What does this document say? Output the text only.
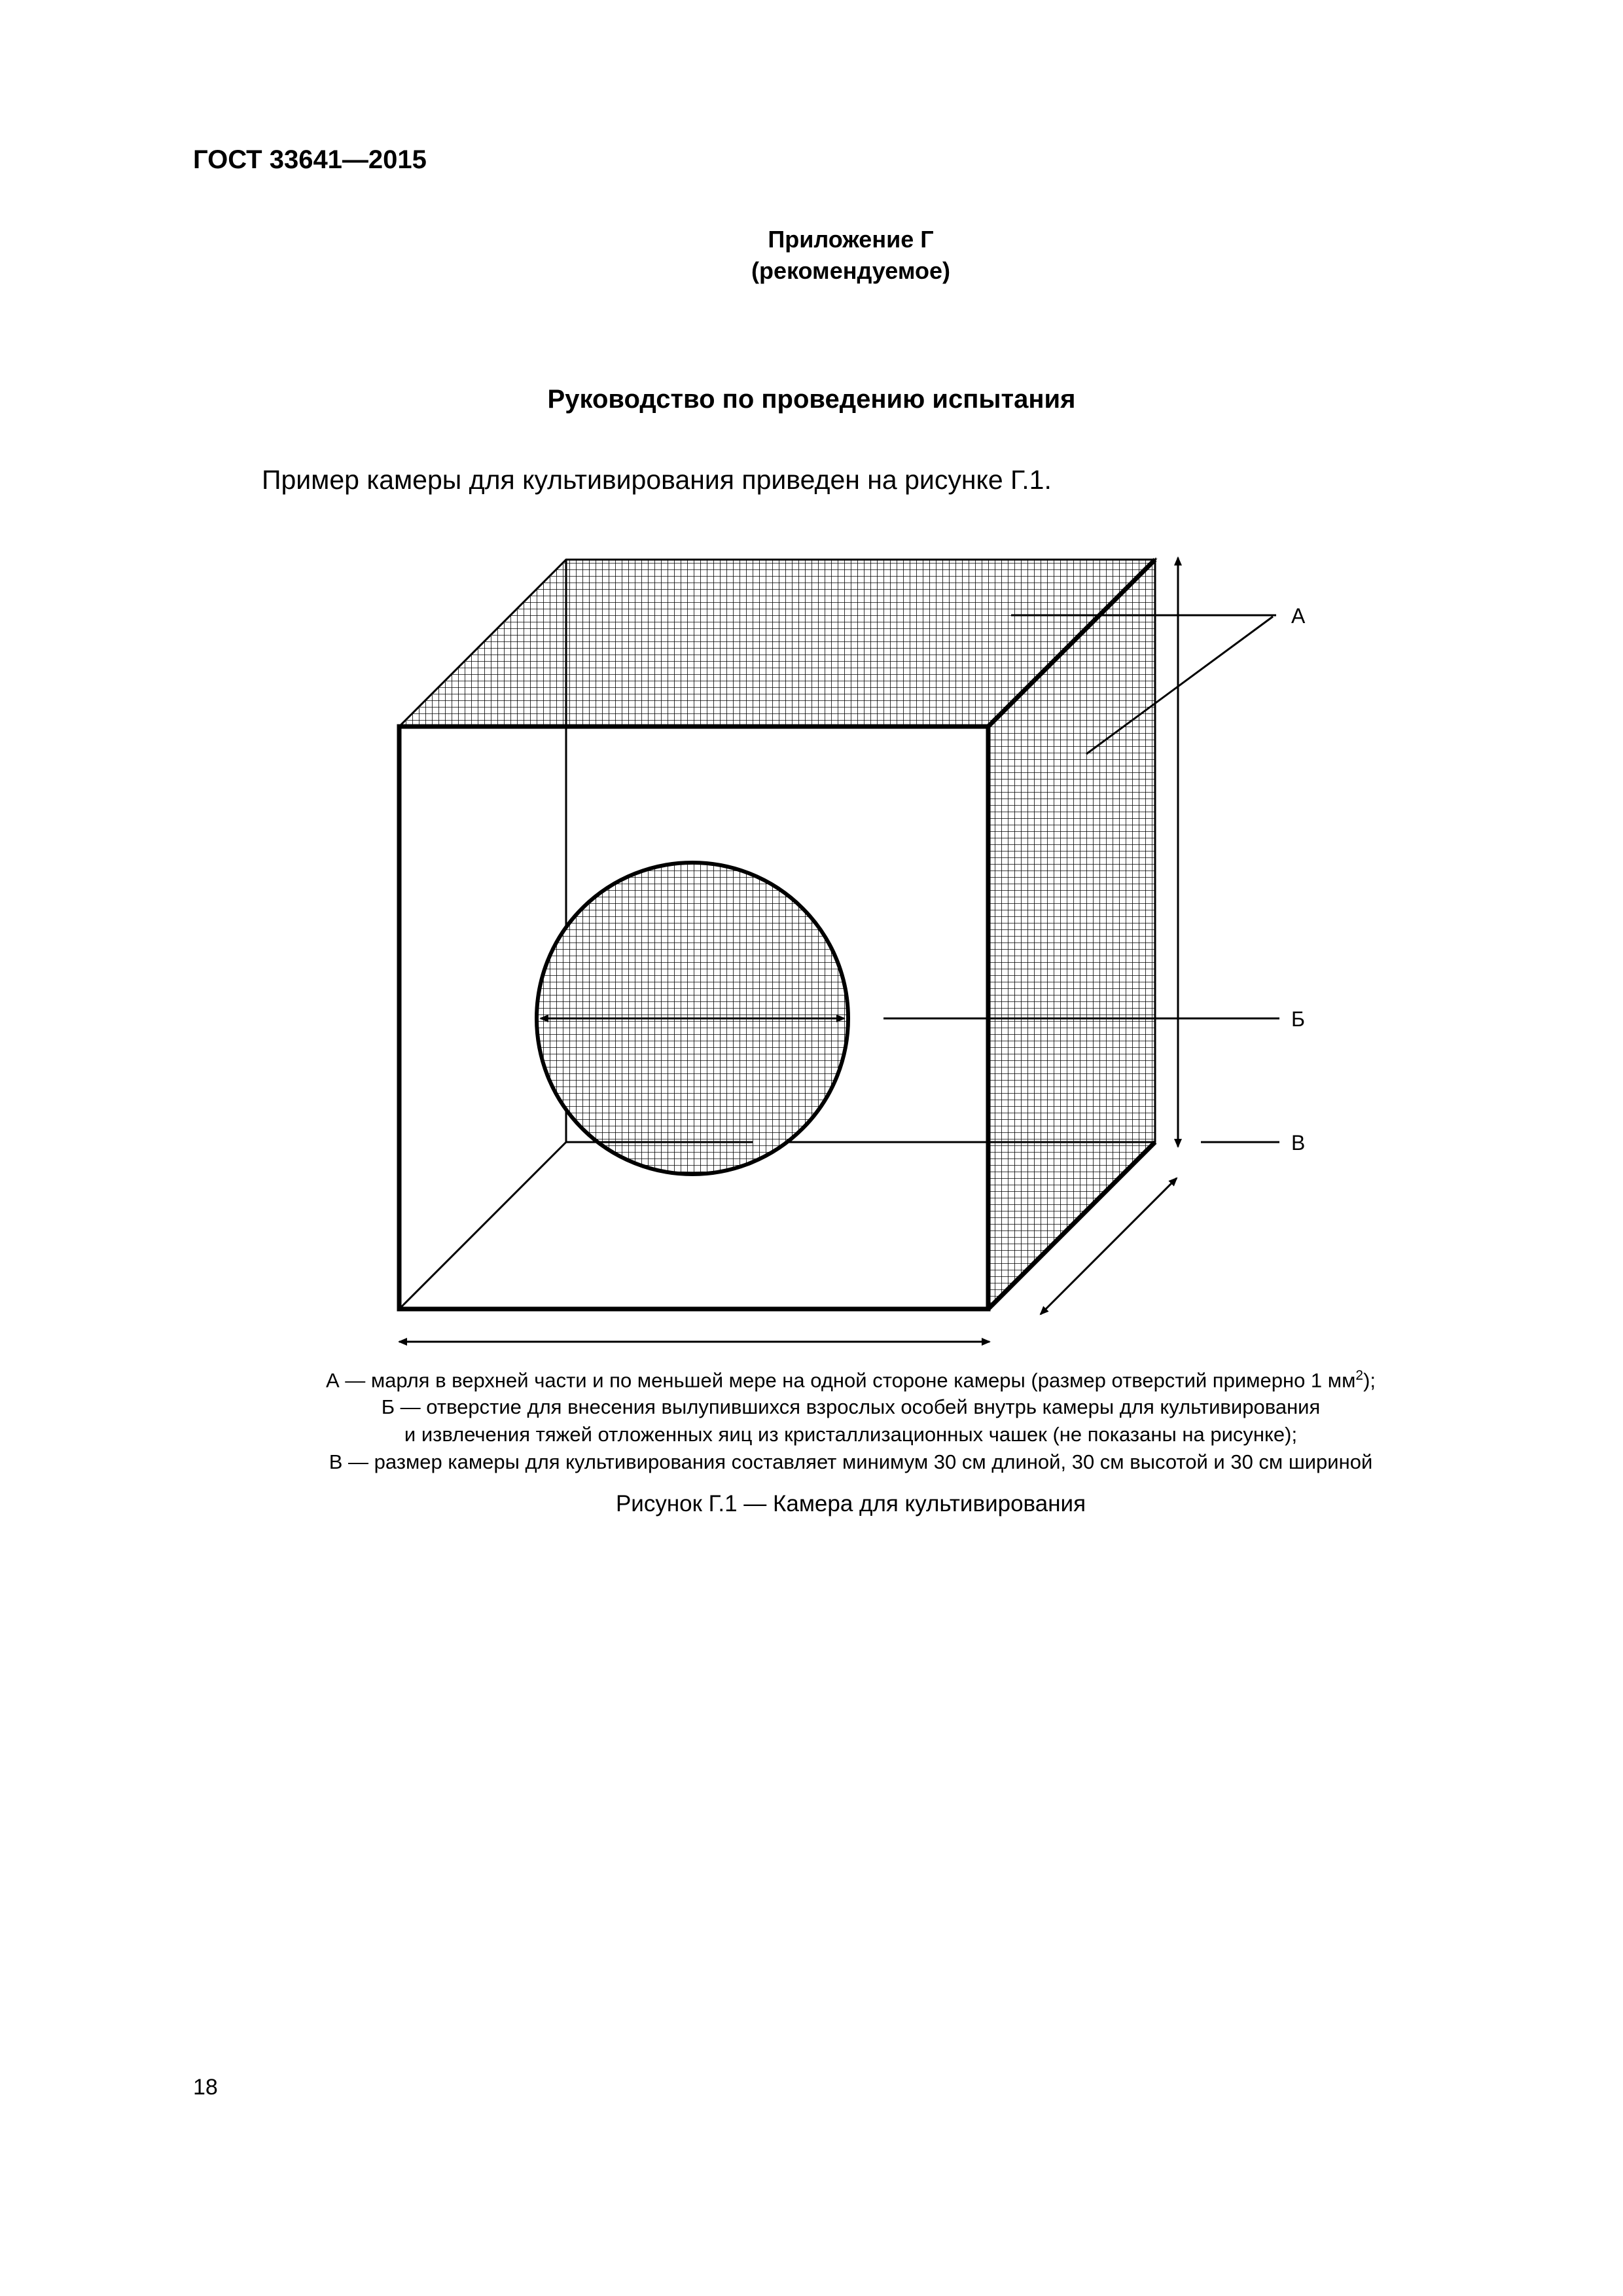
ГОСТ 33641—2015
Приложение Г
(рекомендуемое)
Руководство по проведению испытания
Пример камеры для культивирования приведен на рисунке Г.1.
А
Б
В
А — марля в верхней части и по меньшей мере на одной стороне камеры (размер отверстий примерно 1 $мм^2$);
Б — отверстие для внесения вылупившихся взрослых особей внутрь камеры для культивирования
и извлечения тяжей отложенных яиц из кристаллизационных чашек (не показаны на рисунке);
В — размер камеры для культивирования составляет минимум 30 см длиной, 30 см высотой и 30 см шириной
Рисунок Г.1 — Камера для культивирования
18
